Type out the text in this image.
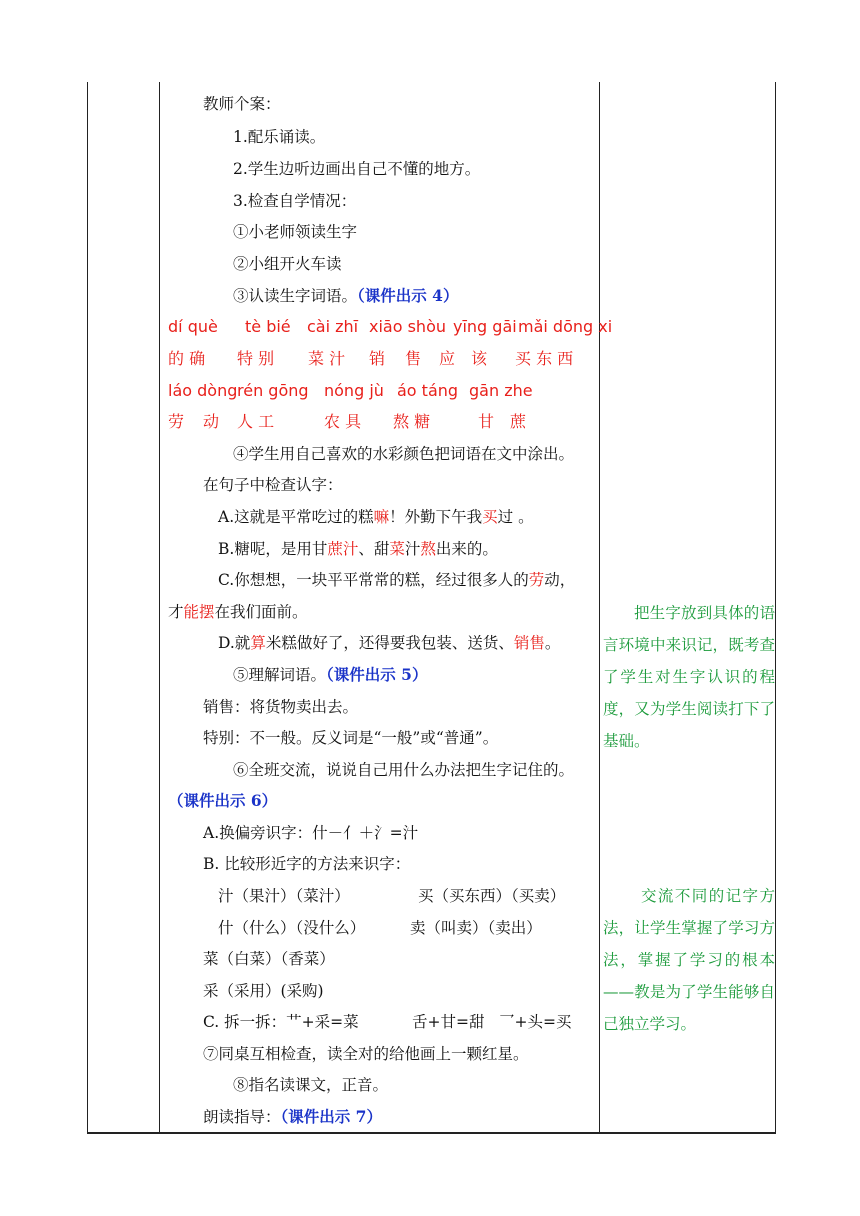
教师个案：
1.配乐诵读。
2.学生边听边画出自己不懂的地方。
3.检查自学情况：
①小老师领读生字
②小组开火车读
③认读生字词语。（课件出示 4）
dí què tè bié cài zhī xiāo shòu yīng gāi mǎi dōng xi
的 确 特 别 菜 汁 销 售 应 该 买 东 西
láo dòng rén gōng nóng jù áo táng gān zhe
劳 动 人 工	农 具 熬 糖	甘 蔗
④学生用自己喜欢的水彩颜色把词语在文中涂出。
在句子中检查认字：
A.这就是平常吃过的糕嘛！外勤下午我买过 。
B.糖呢，是用甘蔗汁、甜菜汁熬出来的。
C.你想想，一块平平常常的糕，经过很多人的劳动，
才能摆在我们面前。
D.就算米糕做好了，还得要我包装、送货、销售。
⑤理解词语。（课件出示 5）
销售：将货物卖出去。
特别：不一般。反义词是“一般”或“普通”。
⑥全班交流，说说自己用什么办法把生字记住的。
（课件出示 6）
A.换偏旁识字：什－亻＋氵=汁
B. 比较形近字的方法来识字：
汁（果汁）（菜汁）	买（买东西）（买卖）
什（什么）（没什么）	卖（叫卖）（卖出）
菜（白菜）（香菜）
采（采用）(采购)
C. 拆一拆：艹+采=菜	舌+甘=甜 乛+头=买
⑦同桌互相检查，读全对的给他画上一颗红星。
⑧指名读课文，正音。
朗读指导：（课件出示 7）

把生字放到具体的语言环境中来识记，既考查了学生对生字认识的程度，又为学生阅读打下了基础。

交流不同的记字方法，让学生掌握了学习方法，掌握了学习的根本——教是为了学生能够自己独立学习。
